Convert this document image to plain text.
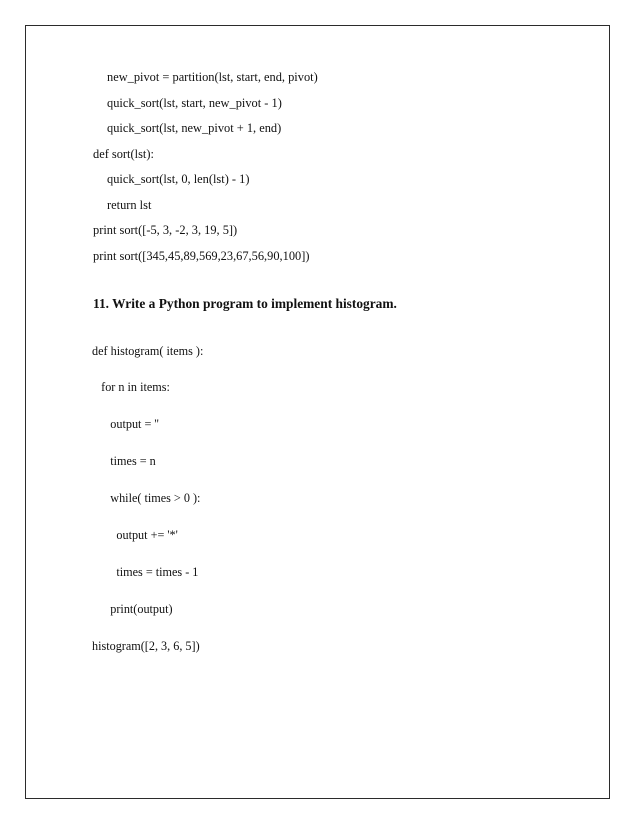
new_pivot = partition(lst, start, end, pivot)
quick_sort(lst, start, new_pivot - 1)
quick_sort(lst, new_pivot + 1, end)
def sort(lst):
quick_sort(lst, 0, len(lst) - 1)
return lst
print sort([-5, 3, -2, 3, 19, 5])
print sort([345,45,89,569,23,67,56,90,100])
11. Write a Python program to implement histogram.

def histogram( items ):

for n in items:

output = ''

times = n

while( times > 0 ):

output += '*'

times = times - 1

print(output)

histogram([2, 3, 6, 5])
